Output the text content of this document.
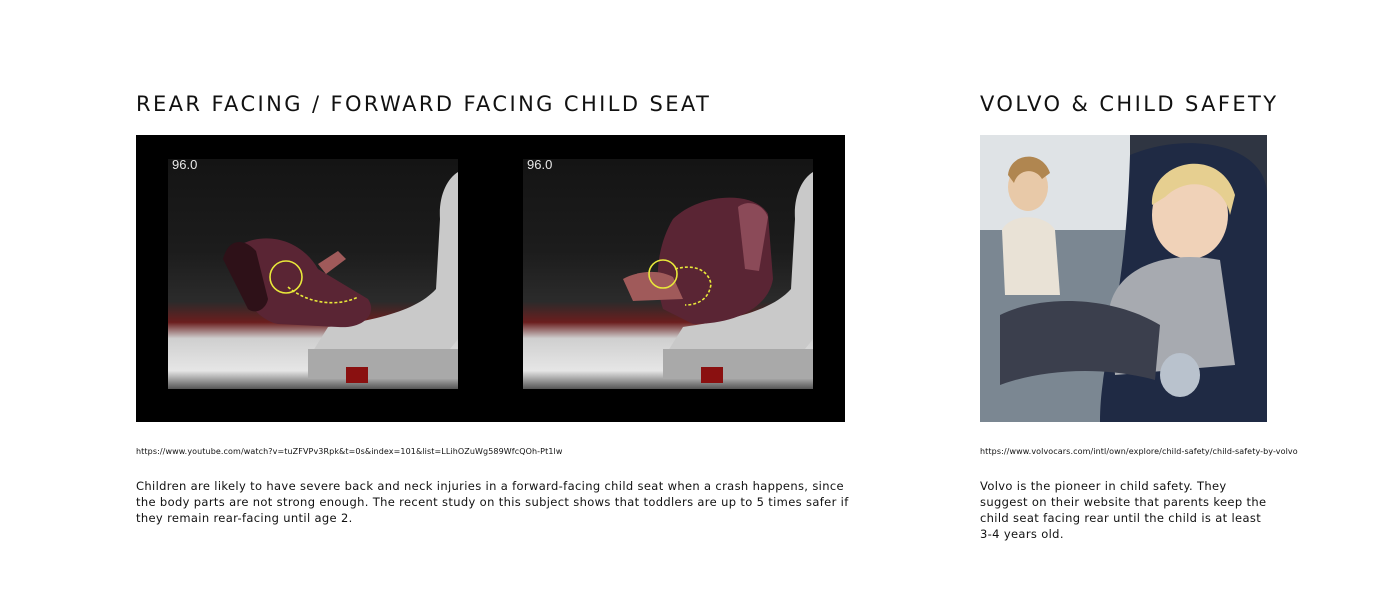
REAR FACING / FORWARD FACING CHILD SEAT	VOLVO & CHILD SAFETY
96.0	96.0
https://www.youtube.com/watch?v=tuZFVPv3Rpk&t=0s&index=101&list=LLihOZuWg589WfcQOh-Pt1lw	https://www.volvocars.com/intl/own/explore/child-safety/child-safety-by-volvo

Children are likely to have severe back and neck injuries in a forward-facing child seat when a crash happens, since the body parts are not strong enough. The recent study on this subject shows that toddlers are up to 5 times safer if they remain rear-facing until age 2.

Volvo is the pioneer in child safety. They suggest on their website that parents keep the child seat facing rear until the child is at least 3-4 years old.
